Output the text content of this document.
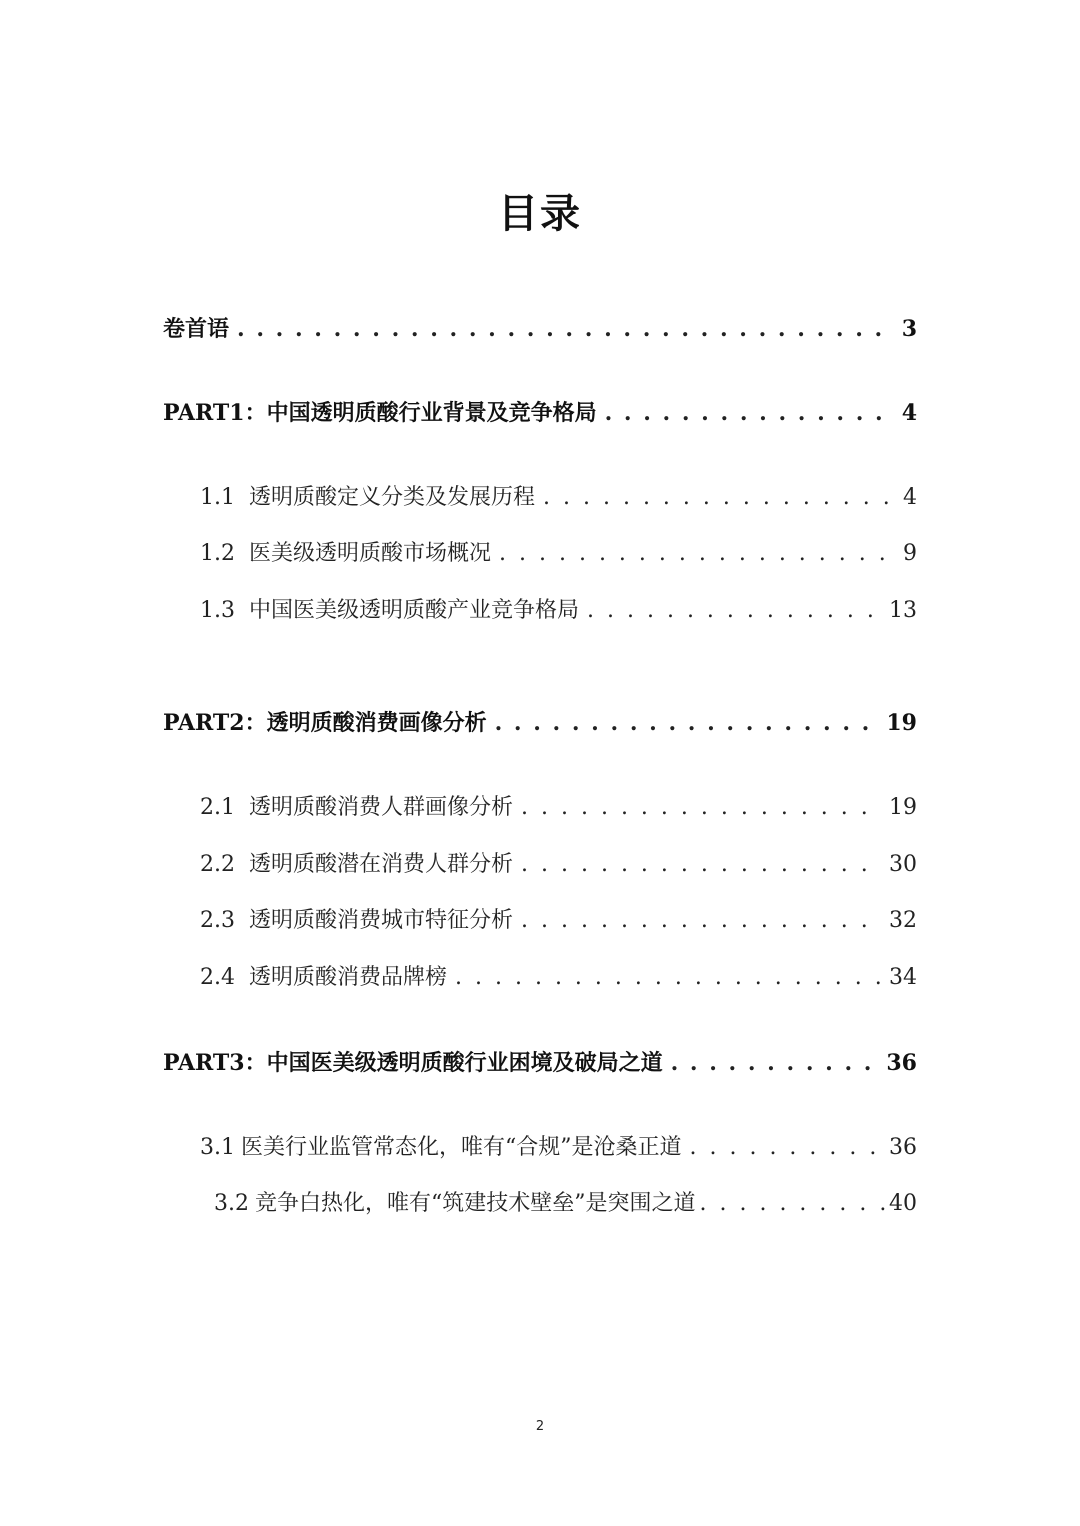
目录
卷首语 . . .	3
PART1：中国透明质酸行业背景及竞争格局 . . .	4
1.1 透明质酸定义分类及发展历程 . . .	4
1.2 医美级透明质酸市场概况 . . .	9
1.3 中国医美级透明质酸产业竞争格局 . . .	13
PART2：透明质酸消费画像分析 . . .	19
2.1 透明质酸消费人群画像分析 . . .	19
2.2 透明质酸潜在消费人群分析 . . .	30
2.3 透明质酸消费城市特征分析 . . .	32
2.4 透明质酸消费品牌榜 . . .	34
PART3：中国医美级透明质酸行业困境及破局之道 . . .	36
3.1 医美行业监管常态化，唯有“合规”是沧桑正道 . . .	36
3.2 竞争白热化，唯有“筑建技术壁垒”是突围之道 . . .	40
2
